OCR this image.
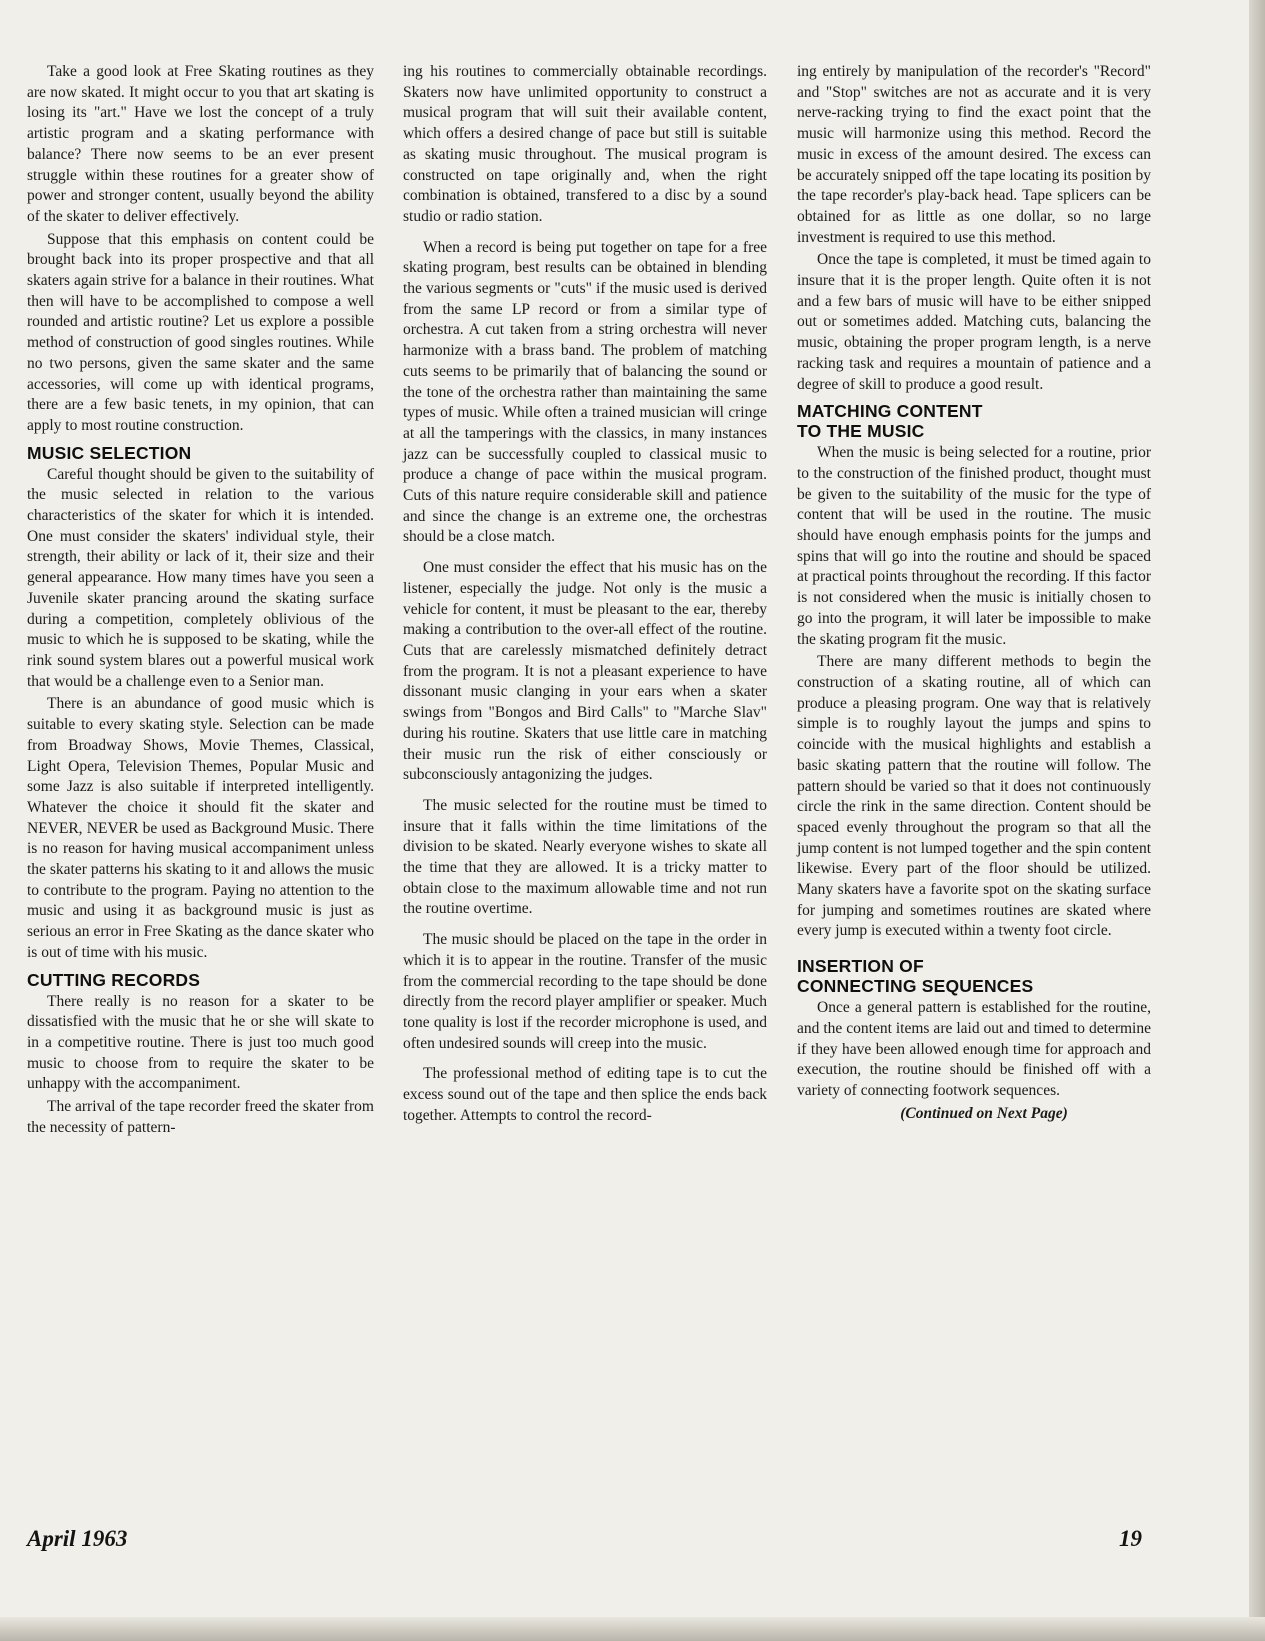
Take a good look at Free Skating routines as they are now skated. It might occur to you that art skating is losing its "art." Have we lost the concept of a truly artistic program and a skating performance with balance? There now seems to be an ever present struggle within these routines for a greater show of power and stronger content, usually beyond the ability of the skater to deliver effectively.

Suppose that this emphasis on content could be brought back into its proper prospective and that all skaters again strive for a balance in their routines. What then will have to be accomplished to compose a well rounded and artistic routine? Let us explore a possible method of construction of good singles routines. While no two persons, given the same skater and the same accessories, will come up with identical programs, there are a few basic tenets, in my opinion, that can apply to most routine construction.

MUSIC SELECTION

Careful thought should be given to the suitability of the music selected in relation to the various characteristics of the skater for which it is intended. One must consider the skaters' individual style, their strength, their ability or lack of it, their size and their general appearance. How many times have you seen a Juvenile skater prancing around the skating surface during a competition, completely oblivious of the music to which he is supposed to be skating, while the rink sound system blares out a powerful musical work that would be a challenge even to a Senior man.

There is an abundance of good music which is suitable to every skating style. Selection can be made from Broadway Shows, Movie Themes, Classical, Light Opera, Television Themes, Popular Music and some Jazz is also suitable if interpreted intelligently. Whatever the choice it should fit the skater and NEVER, NEVER be used as Background Music. There is no reason for having musical accompaniment unless the skater patterns his skating to it and allows the music to contribute to the program. Paying no attention to the music and using it as background music is just as serious an error in Free Skating as the dance skater who is out of time with his music.

CUTTING RECORDS

There really is no reason for a skater to be dissatisfied with the music that he or she will skate to in a competitive routine. There is just too much good music to choose from to require the skater to be unhappy with the accompaniment.

The arrival of the tape recorder freed the skater from the necessity of pattern-

ing his routines to commercially obtainable recordings. Skaters now have unlimited opportunity to construct a musical program that will suit their available content, which offers a desired change of pace but still is suitable as skating music throughout. The musical program is constructed on tape originally and, when the right combination is obtained, transfered to a disc by a sound studio or radio station.

When a record is being put together on tape for a free skating program, best results can be obtained in blending the various segments or "cuts" if the music used is derived from the same LP record or from a similar type of orchestra. A cut taken from a string orchestra will never harmonize with a brass band. The problem of matching cuts seems to be primarily that of balancing the sound or the tone of the orchestra rather than maintaining the same types of music. While often a trained musician will cringe at all the tamperings with the classics, in many instances jazz can be successfully coupled to classical music to produce a change of pace within the musical program. Cuts of this nature require considerable skill and patience and since the change is an extreme one, the orchestras should be a close match.

One must consider the effect that his music has on the listener, especially the judge. Not only is the music a vehicle for content, it must be pleasant to the ear, thereby making a contribution to the over-all effect of the routine. Cuts that are carelessly mismatched definitely detract from the program. It is not a pleasant experience to have dissonant music clanging in your ears when a skater swings from "Bongos and Bird Calls" to "Marche Slav" during his routine. Skaters that use little care in matching their music run the risk of either consciously or subconsciously antagonizing the judges.

The music selected for the routine must be timed to insure that it falls within the time limitations of the division to be skated. Nearly everyone wishes to skate all the time that they are allowed. It is a tricky matter to obtain close to the maximum allowable time and not run the routine overtime.

The music should be placed on the tape in the order in which it is to appear in the routine. Transfer of the music from the commercial recording to the tape should be done directly from the record player amplifier or speaker. Much tone quality is lost if the recorder microphone is used, and often undesired sounds will creep into the music.

The professional method of editing tape is to cut the excess sound out of the tape and then splice the ends back together. Attempts to control the record-

ing entirely by manipulation of the recorder's "Record" and "Stop" switches are not as accurate and it is very nerve-racking trying to find the exact point that the music will harmonize using this method. Record the music in excess of the amount desired. The excess can be accurately snipped off the tape locating its position by the tape recorder's play-back head. Tape splicers can be obtained for as little as one dollar, so no large investment is required to use this method.

Once the tape is completed, it must be timed again to insure that it is the proper length. Quite often it is not and a few bars of music will have to be either snipped out or sometimes added. Matching cuts, balancing the music, obtaining the proper program length, is a nerve racking task and requires a mountain of patience and a degree of skill to produce a good result.

MATCHING CONTENT
TO THE MUSIC

When the music is being selected for a routine, prior to the construction of the finished product, thought must be given to the suitability of the music for the type of content that will be used in the routine. The music should have enough emphasis points for the jumps and spins that will go into the routine and should be spaced at practical points throughout the recording. If this factor is not considered when the music is initially chosen to go into the program, it will later be impossible to make the skating program fit the music.

There are many different methods to begin the construction of a skating routine, all of which can produce a pleasing program. One way that is relatively simple is to roughly layout the jumps and spins to coincide with the musical highlights and establish a basic skating pattern that the routine will follow. The pattern should be varied so that it does not continuously circle the rink in the same direction. Content should be spaced evenly throughout the program so that all the jump content is not lumped together and the spin content likewise. Every part of the floor should be utilized. Many skaters have a favorite spot on the skating surface for jumping and sometimes routines are skated where every jump is executed within a twenty foot circle.

INSERTION OF
CONNECTING SEQUENCES

Once a general pattern is established for the routine, and the content items are laid out and timed to determine if they have been allowed enough time for approach and execution, the routine should be finished off with a variety of connecting footwork sequences.

(Continued on Next Page)

April 1963	19
